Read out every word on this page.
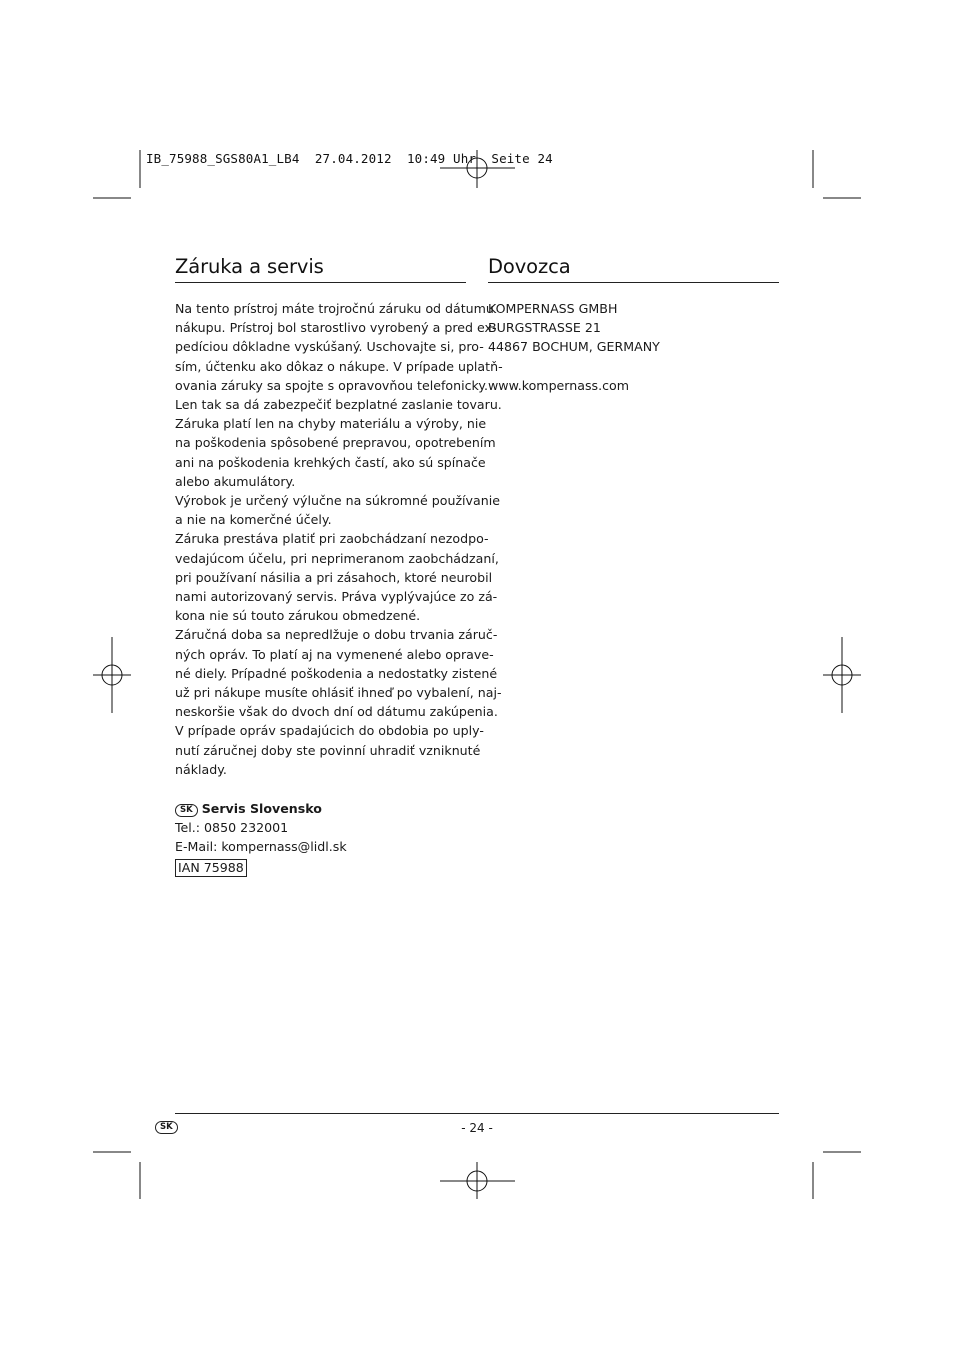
IB_75988_SGS80A1_LB4  27.04.2012  10:49 Uhr  Seite 24
Záruka a servis

Na tento prístroj máte trojročnú záruku od dátumu

nákupu. Prístroj bol starostlivo vyrobený a pred ex-

pedíciou dôkladne vyskúšaný. Uschovajte si, pro-

sím, účtenku ako dôkaz o nákupe. V prípade uplatň-

ovania záruky sa spojte s opravovňou telefonicky.

Len tak sa dá zabezpečiť bezplatné zaslanie tovaru.

Záruka platí len na chyby materiálu a výroby, nie

na poškodenia spôsobené prepravou, opotrebením

ani na poškodenia krehkých častí, ako sú spínače

alebo akumulátory.

Výrobok je určený výlučne na súkromné používanie

a nie na komerčné účely.

Záruka prestáva platiť pri zaobchádzaní nezodpo-

vedajúcom účelu, pri neprimeranom zaobchádzaní,

pri používaní násilia a pri zásahoch, ktoré neurobil

nami autorizovaný servis. Práva vyplývajúce zo zá-

kona nie sú touto zárukou obmedzené.

Záručná doba sa nepredlžuje o dobu trvania záruč-

ných opráv. To platí aj na vymenené alebo oprave-

né diely. Prípadné poškodenia a nedostatky zistené

už pri nákupe musíte ohlásiť ihneď po vybalení, naj-

neskoršie však do dvoch dní od dátumu zakúpenia.

V prípade opráv spadajúcich do obdobia po uply-

nutí záručnej doby ste povinní uhradiť vzniknuté

náklady.

SK Servis Slovensko

Tel.: 0850 232001

E-Mail: kompernass@lidl.sk

IAN 75988
Dovozca

KOMPERNASS GMBH

BURGSTRASSE 21

44867 BOCHUM, GERMANY

www.kompernass.com

SK	- 24 -
